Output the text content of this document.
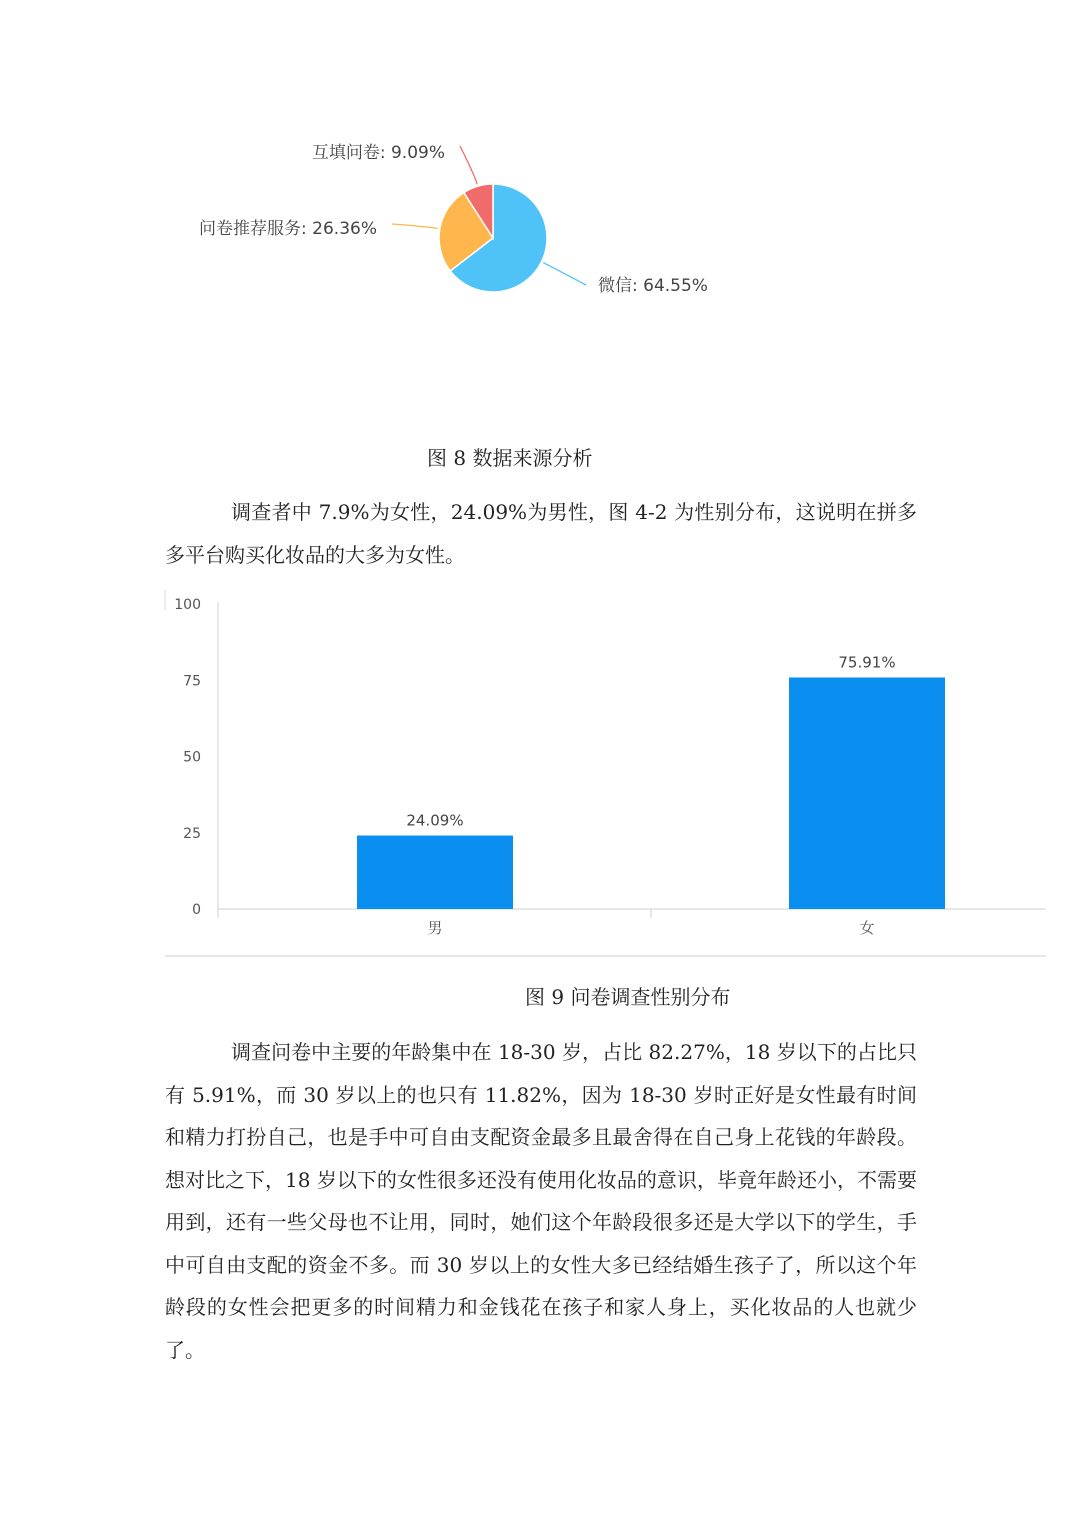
微信: 64.55%
问卷推荐服务: 26.36%
互填问卷: 9.09%
图 8 数据来源分析

调查者中 7.9%为女性，24.09%为男性，图 4-2 为性别分布，这说明在拼多多平台购买化妆品的大多为女性。

0
25
50
75
100
24.09%
75.91%
男	女
图 9 问卷调查性别分布

调查问卷中主要的年龄集中在 18-30 岁，占比 82.27%，18 岁以下的占比只有 5.91%，而 30 岁以上的也只有 11.82%，因为 18-30 岁时正好是女性最有时间和精力打扮自己，也是手中可自由支配资金最多且最舍得在自己身上花钱的年龄段。想对比之下，18 岁以下的女性很多还没有使用化妆品的意识，毕竟年龄还小，不需要用到，还有一些父母也不让用，同时，她们这个年龄段很多还是大学以下的学生，手中可自由支配的资金不多。而 30 岁以上的女性大多已经结婚生孩子了，所以这个年龄段的女性会把更多的时间精力和金钱花在孩子和家人身上，买化妆品的人也就少了。
